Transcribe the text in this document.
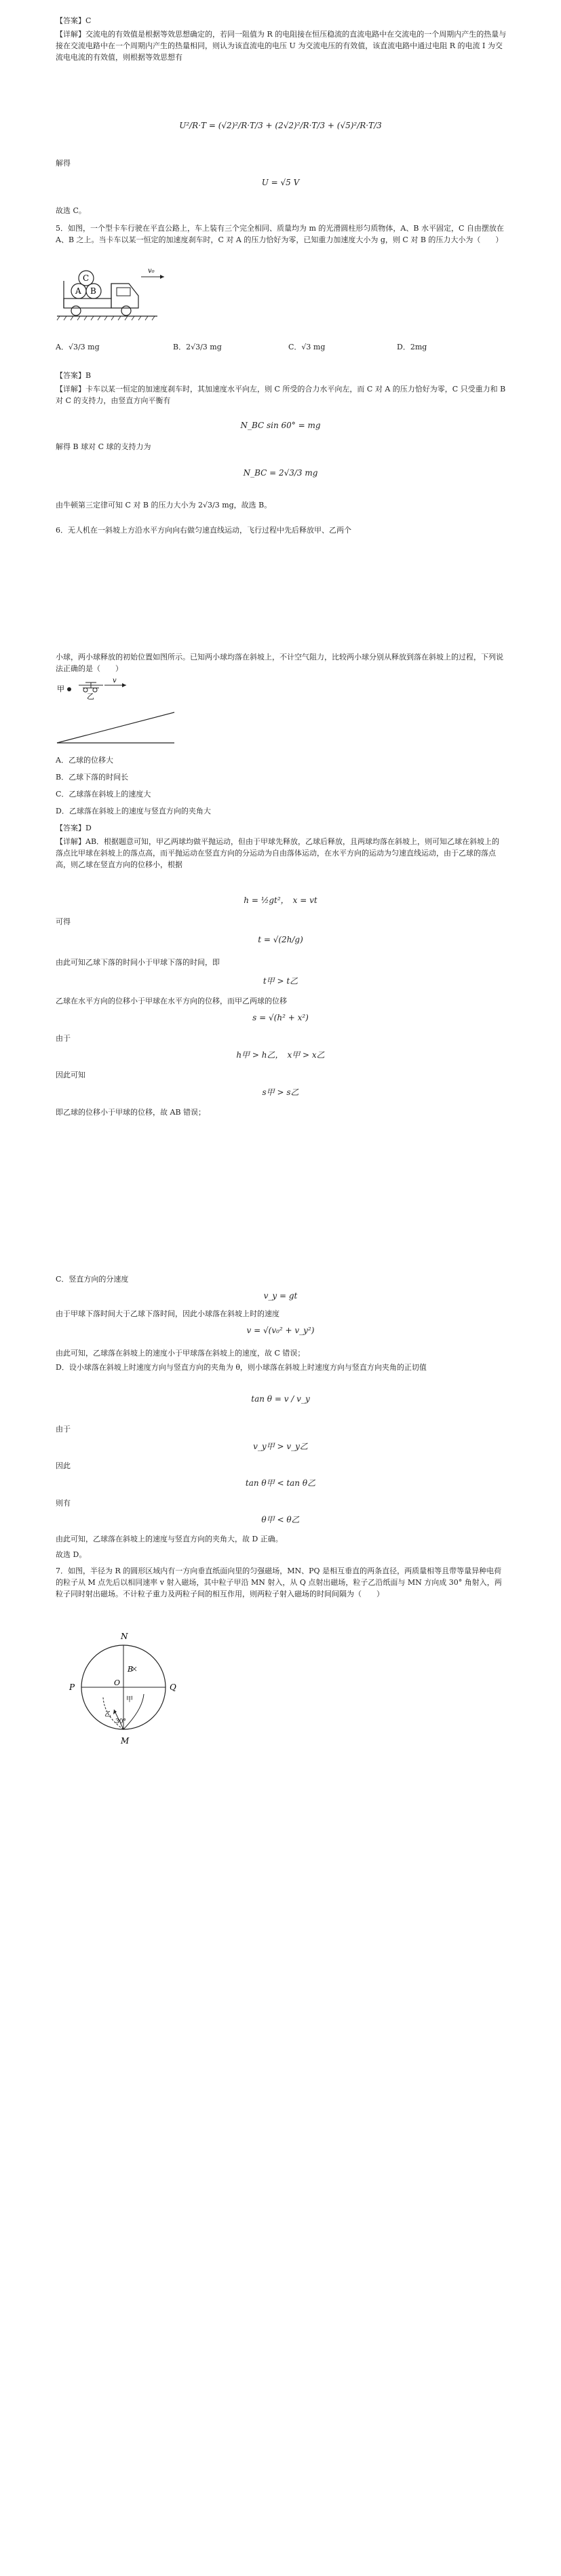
【答案】C
【详解】交流电的有效值是根据等效思想确定的，若同一阻值为 R 的电阻接在恒压稳流的直流电路中在交流电的一个周期内产生的热量与接在交流电路中在一个周期内产生的热量相同，则认为该直流电的电压 U 为交流电压的有效值，该直流电路中通过电阻 R 的电流 I 为交流电电流的有效值，则根据等效思想有
U²/R·T = (√2)²/R·T/3 + (2√2)²/R·T/3 + (√5)²/R·T/3
解得
U = √5 V
故选 C。
5．如图，一个型卡车行驶在平直公路上，车上装有三个完全相同、质量均为 m 的光滑圆柱形匀质物体，A、B 水平固定，C 自由摆放在 A、B 之上。当卡车以某一恒定的加速度刹车时，C 对 A 的压力恰好为零，已知重力加速度大小为 g，则 C 对 B 的压力大小为（　　）
A B
C
v₀
A．√3/3 mg	B．2√3/3 mg	C．√3 mg	D．2mg
【答案】B
【详解】卡车以某一恒定的加速度刹车时，其加速度水平向左，则 C 所受的合力水平向左，而 C 对 A 的压力恰好为零，C 只受重力和 B 对 C 的支持力，由竖直方向平衡有
N_BC sin 60° = mg
解得 B 球对 C 球的支持力为
N_BC = 2√3/3 mg
由牛顿第三定律可知 C 对 B 的压力大小为 2√3/3 mg，故选 B。
6．无人机在一斜坡上方沿水平方向向右做匀速直线运动，飞行过程中先后释放甲、乙两个
小球，两小球释放的初始位置如图所示。已知两小球均落在斜坡上，不计空气阻力，比较两小球分别从释放到落在斜坡上的过程，下列说法正确的是（　　）
乙
甲
v
A．乙球的位移大
B．乙球下落的时间长
C．乙球落在斜坡上的速度大
D．乙球落在斜坡上的速度与竖直方向的夹角大
【答案】D
【详解】AB．根据题意可知，甲乙两球均做平抛运动，但由于甲球先释放，乙球后释放，且两球均落在斜坡上，则可知乙球在斜坡上的落点比甲球在斜坡上的落点高，而平抛运动在竖直方向的分运动为自由落体运动，在水平方向的运动为匀速直线运动，由于乙球的落点高，则乙球在竖直方向的位移小，根据
h = ½gt²，　x = vt
可得
t = √(2h/g)
由此可知乙球下落的时间小于甲球下落的时间，即
t甲 > t乙
乙球在水平方向的位移小于甲球在水平方向的位移，而甲乙两球的位移
s = √(h² + x²)
由于
h甲 > h乙，　x甲 > x乙
因此可知
s甲 > s乙
即乙球的位移小于甲球的位移，故 AB 错误；
C．竖直方向的分速度
v_y = gt
由于甲球下落时间大于乙球下落时间，因此小球落在斜坡上时的速度
v = √(v₀² + v_y²)
由此可知，乙球落在斜坡上的速度小于甲球落在斜坡上的速度，故 C 错误；
D．设小球落在斜坡上时速度方向与竖直方向的夹角为 θ，则小球落在斜坡上时速度方向与竖直方向夹角的正切值
tan θ = v / v_y
由于
v_y甲 > v_y乙
因此
tan θ甲 < tan θ乙
则有
θ甲 < θ乙
由此可知，乙球落在斜坡上的速度与竖直方向的夹角大，故 D 正确。
故选 D。
7．如图，半径为 R 的圆形区域内有一方向垂直纸面向里的匀强磁场，MN、PQ 是相互垂直的两条直径，两质量相等且带等量异种电荷的粒子从 M 点先后以相同速率 v 射入磁场，其中粒子甲沿 MN 射入，从 Q 点射出磁场，粒子乙沿纸面与 MN 方向成 30° 角射入，两粒子同时射出磁场。不计粒子重力及两粒子间的相互作用，则两粒子射入磁场的时间间隔为（　　）
N
M
P	Q
O
B
甲
乙
30°
